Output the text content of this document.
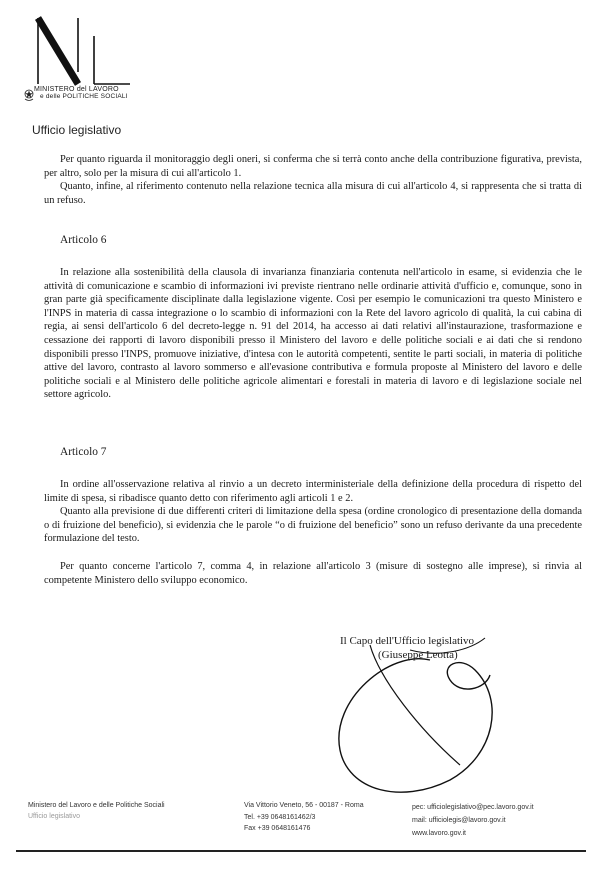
MINISTERO del LAVORO
e delle POLITICHE SOCIALI
Ufficio legislativo

Per quanto riguarda il monitoraggio degli oneri, si conferma che si terrà conto anche della contribuzione figurativa, prevista, per altro, solo per la misura di cui all'articolo 1.

Quanto, infine, al riferimento contenuto nella relazione tecnica alla misura di cui all'articolo 4, si rappresenta che si tratta di un refuso.

Articolo 6

In relazione alla sostenibilità della clausola di invarianza finanziaria contenuta nell'articolo in esame, si evidenzia che le attività di comunicazione e scambio di informazioni ivi previste rientrano nelle ordinarie attività d'ufficio e, comunque, sono in gran parte già specificamente disciplinate dalla legislazione vigente. Così per esempio le comunicazioni tra questo Ministero e l'INPS in materia di cassa integrazione o lo scambio di informazioni con la Rete del lavoro agricolo di qualità, la cui cabina di regia, ai sensi dell'articolo 6 del decreto-legge n. 91 del 2014, ha accesso ai dati relativi all'instaurazione, trasformazione e cessazione dei rapporti di lavoro disponibili presso il Ministero del lavoro e delle politiche sociali e ai dati che si rendono disponibili presso l'INPS, promuove iniziative, d'intesa con le autorità competenti, sentite le parti sociali, in materia di politiche attive del lavoro, contrasto al lavoro sommerso e all'evasione contributiva e formula proposte al Ministero del lavoro e delle politiche sociali e al Ministero delle politiche agricole alimentari e forestali in materia di lavoro e di legislazione sociale nel settore agricolo.

Articolo 7

In ordine all'osservazione relativa al rinvio a un decreto interministeriale della definizione della procedura di rispetto del limite di spesa, si ribadisce quanto detto con riferimento agli articoli 1 e 2.

Quanto alla previsione di due differenti criteri di limitazione della spesa (ordine cronologico di presentazione della domanda o di fruizione del beneficio), si evidenzia che le parole “o di fruizione del beneficio” sono un refuso derivante da una precedente formulazione del testo.

Per quanto concerne l'articolo 7, comma 4, in relazione all'articolo 3 (misure di sostegno alle imprese), si rinvia al competente Ministero dello sviluppo economico.

Il Capo dell'Ufficio legislativo
(Giuseppe Leotta)
Ministero del Lavoro e delle Politiche Sociali
Ufficio legislativo
Via Vittorio Veneto, 56 - 00187 - Roma
Tel. +39 0648161462/3
Fax +39 0648161476
pec: ufficiolegislativo@pec.lavoro.gov.it
mail: ufficiolegis@lavoro.gov.it
www.lavoro.gov.it
